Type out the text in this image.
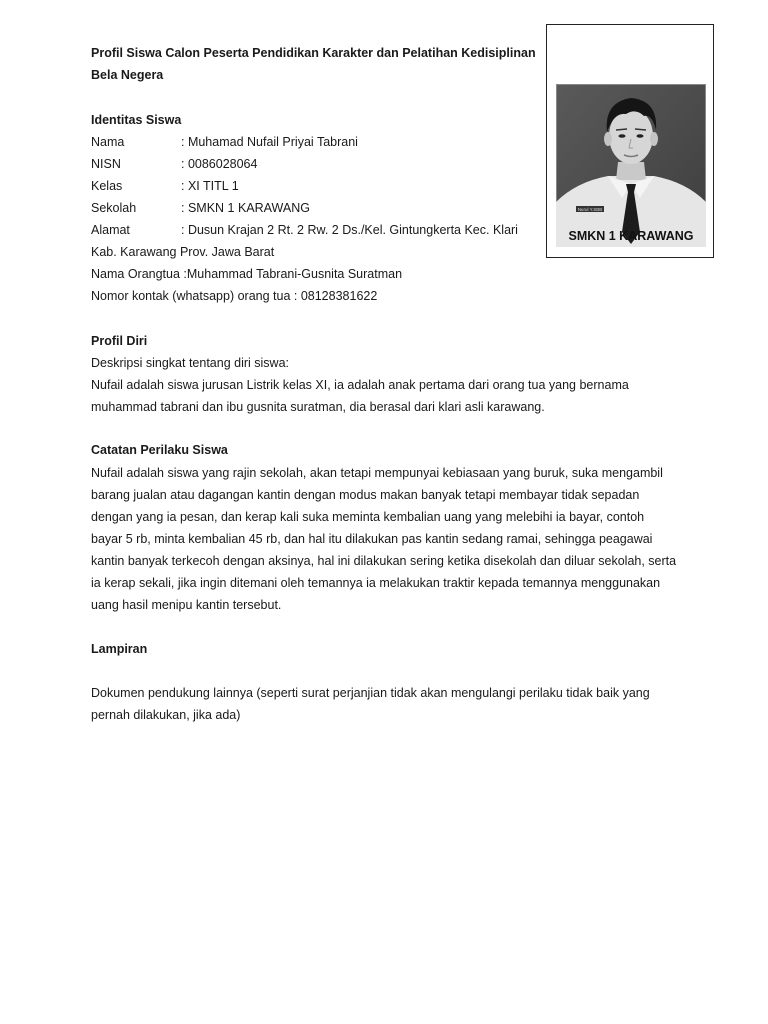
Profil Siswa Calon Peserta Pendidikan Karakter dan Pelatihan Kedisiplinan
Bela Negera
Identitas Siswa
Nama	: Muhamad Nufail Priyai Tabrani
NISN	: 0086028064
Kelas	: XI TITL 1
Sekolah	: SMKN 1 KARAWANG
Alamat	: Dusun Krajan 2 Rt. 2 Rw. 2 Ds./Kel. Gintungkerta Kec. Klari
Kab. Karawang Prov. Jawa Barat
Nama Orangtua :Muhammad Tabrani-Gusnita Suratman
Nomor kontak (whatsapp) orang tua : 08128381622
Profil Diri
Deskripsi singkat tentang diri siswa:
Nufail adalah siswa jurusan Listrik kelas XI, ia adalah anak pertama dari orang tua yang bernama
muhammad tabrani dan ibu gusnita suratman, dia berasal dari klari asli karawang.
Catatan Perilaku Siswa
Nufail adalah siswa yang rajin sekolah, akan tetapi mempunyai kebiasaan yang buruk, suka mengambil
barang jualan atau dagangan kantin dengan modus makan banyak tetapi membayar tidak sepadan
dengan yang ia pesan, dan kerap kali suka meminta kembalian uang yang melebihi ia bayar, contoh
bayar 5 rb, minta kembalian 45 rb, dan hal itu dilakukan pas kantin sedang ramai, sehingga peagawai
kantin banyak terkecoh dengan aksinya, hal ini dilakukan sering ketika disekolah dan diluar sekolah, serta
ia kerap sekali, jika ingin ditemani oleh temannya ia melakukan traktir kepada temannya menggunakan
uang hasil menipu kantin tersebut.
Lampiran
Dokumen pendukung lainnya (seperti surat perjanjian tidak akan mengulangi perilaku tidak baik yang
pernah dilakukan, jika ada)
Nurul Y.SBB
SMKN 1 KARAWANG
